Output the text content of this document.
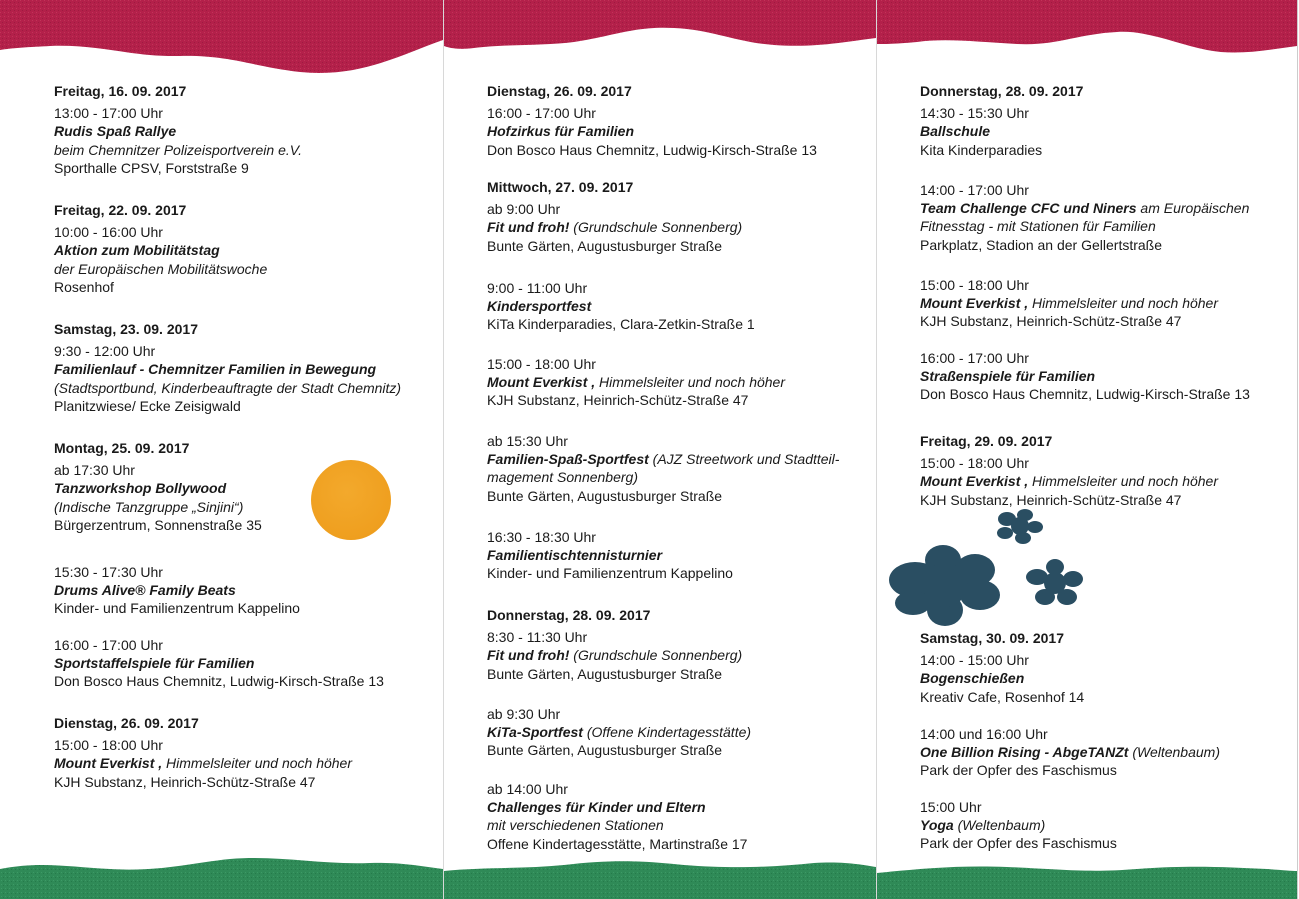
Freitag, 16. 09. 2017
13:00 - 17:00 Uhr
Rudis Spaß Rallye
beim Chemnitzer Polizeisportverein e.V.
Sporthalle CPSV, Forststraße 9
Freitag, 22. 09. 2017
10:00 - 16:00 Uhr
Aktion zum Mobilitätstag
der Europäischen Mobilitätswoche
Rosenhof
Samstag, 23. 09. 2017
9:30 - 12:00 Uhr
Familienlauf - Chemnitzer Familien in Bewegung
(Stadtsportbund, Kinderbeauftragte der Stadt Chemnitz)
Planitzwiese/ Ecke Zeisigwald
Montag, 25. 09. 2017
ab 17:30 Uhr
Tanzworkshop Bollywood
(Indische Tanzgruppe „Sinjini“)
Bürgerzentrum, Sonnenstraße 35
15:30 - 17:30 Uhr
Drums Alive® Family Beats
Kinder- und Familienzentrum Kappelino
16:00 - 17:00 Uhr
Sportstaffelspiele für Familien
Don Bosco Haus Chemnitz, Ludwig-Kirsch-Straße 13
Dienstag, 26. 09. 2017
15:00 - 18:00 Uhr
Mount Everkist , Himmelsleiter und noch höher
KJH Substanz, Heinrich-Schütz-Straße 47
Dienstag, 26. 09. 2017
16:00 - 17:00 Uhr
Hofzirkus für Familien
Don Bosco Haus Chemnitz, Ludwig-Kirsch-Straße 13
Mittwoch, 27. 09. 2017
ab 9:00 Uhr
Fit und froh! (Grundschule Sonnenberg)
Bunte Gärten, Augustusburger Straße
9:00 - 11:00 Uhr
Kindersportfest
KiTa Kinderparadies, Clara-Zetkin-Straße 1
15:00 - 18:00 Uhr
Mount Everkist , Himmelsleiter und noch höher
KJH Substanz, Heinrich-Schütz-Straße 47
ab 15:30 Uhr
Familien-Spaß-Sportfest (AJZ Streetwork und Stadtteil-
magement Sonnenberg)
Bunte Gärten, Augustusburger Straße
16:30 - 18:30 Uhr
Familientischtennisturnier
Kinder- und Familienzentrum Kappelino
Donnerstag, 28. 09. 2017
8:30 - 11:30 Uhr
Fit und froh! (Grundschule Sonnenberg)
Bunte Gärten, Augustusburger Straße
ab 9:30 Uhr
KiTa-Sportfest (Offene Kindertagesstätte)
Bunte Gärten, Augustusburger Straße
ab 14:00 Uhr
Challenges für Kinder und Eltern
mit verschiedenen Stationen
Offene Kindertagesstätte, Martinstraße 17
Donnerstag, 28. 09. 2017
14:30 - 15:30 Uhr
Ballschule
Kita Kinderparadies
14:00 - 17:00 Uhr
Team Challenge CFC und Niners am Europäischen
Fitnesstag - mit Stationen für Familien
Parkplatz, Stadion an der Gellertstraße
15:00 - 18:00 Uhr
Mount Everkist , Himmelsleiter und noch höher
KJH Substanz, Heinrich-Schütz-Straße 47
16:00 - 17:00 Uhr
Straßenspiele für Familien
Don Bosco Haus Chemnitz, Ludwig-Kirsch-Straße 13
Freitag, 29. 09. 2017
15:00 - 18:00 Uhr
Mount Everkist , Himmelsleiter und noch höher
KJH Substanz, Heinrich-Schütz-Straße 47
Samstag, 30. 09. 2017
14:00 - 15:00 Uhr
Bogenschießen
Kreativ Cafe, Rosenhof 14
14:00 und 16:00 Uhr
One Billion Rising - AbgeTANZt (Weltenbaum)
Park der Opfer des Faschismus
15:00 Uhr
Yoga (Weltenbaum)
Park der Opfer des Faschismus
